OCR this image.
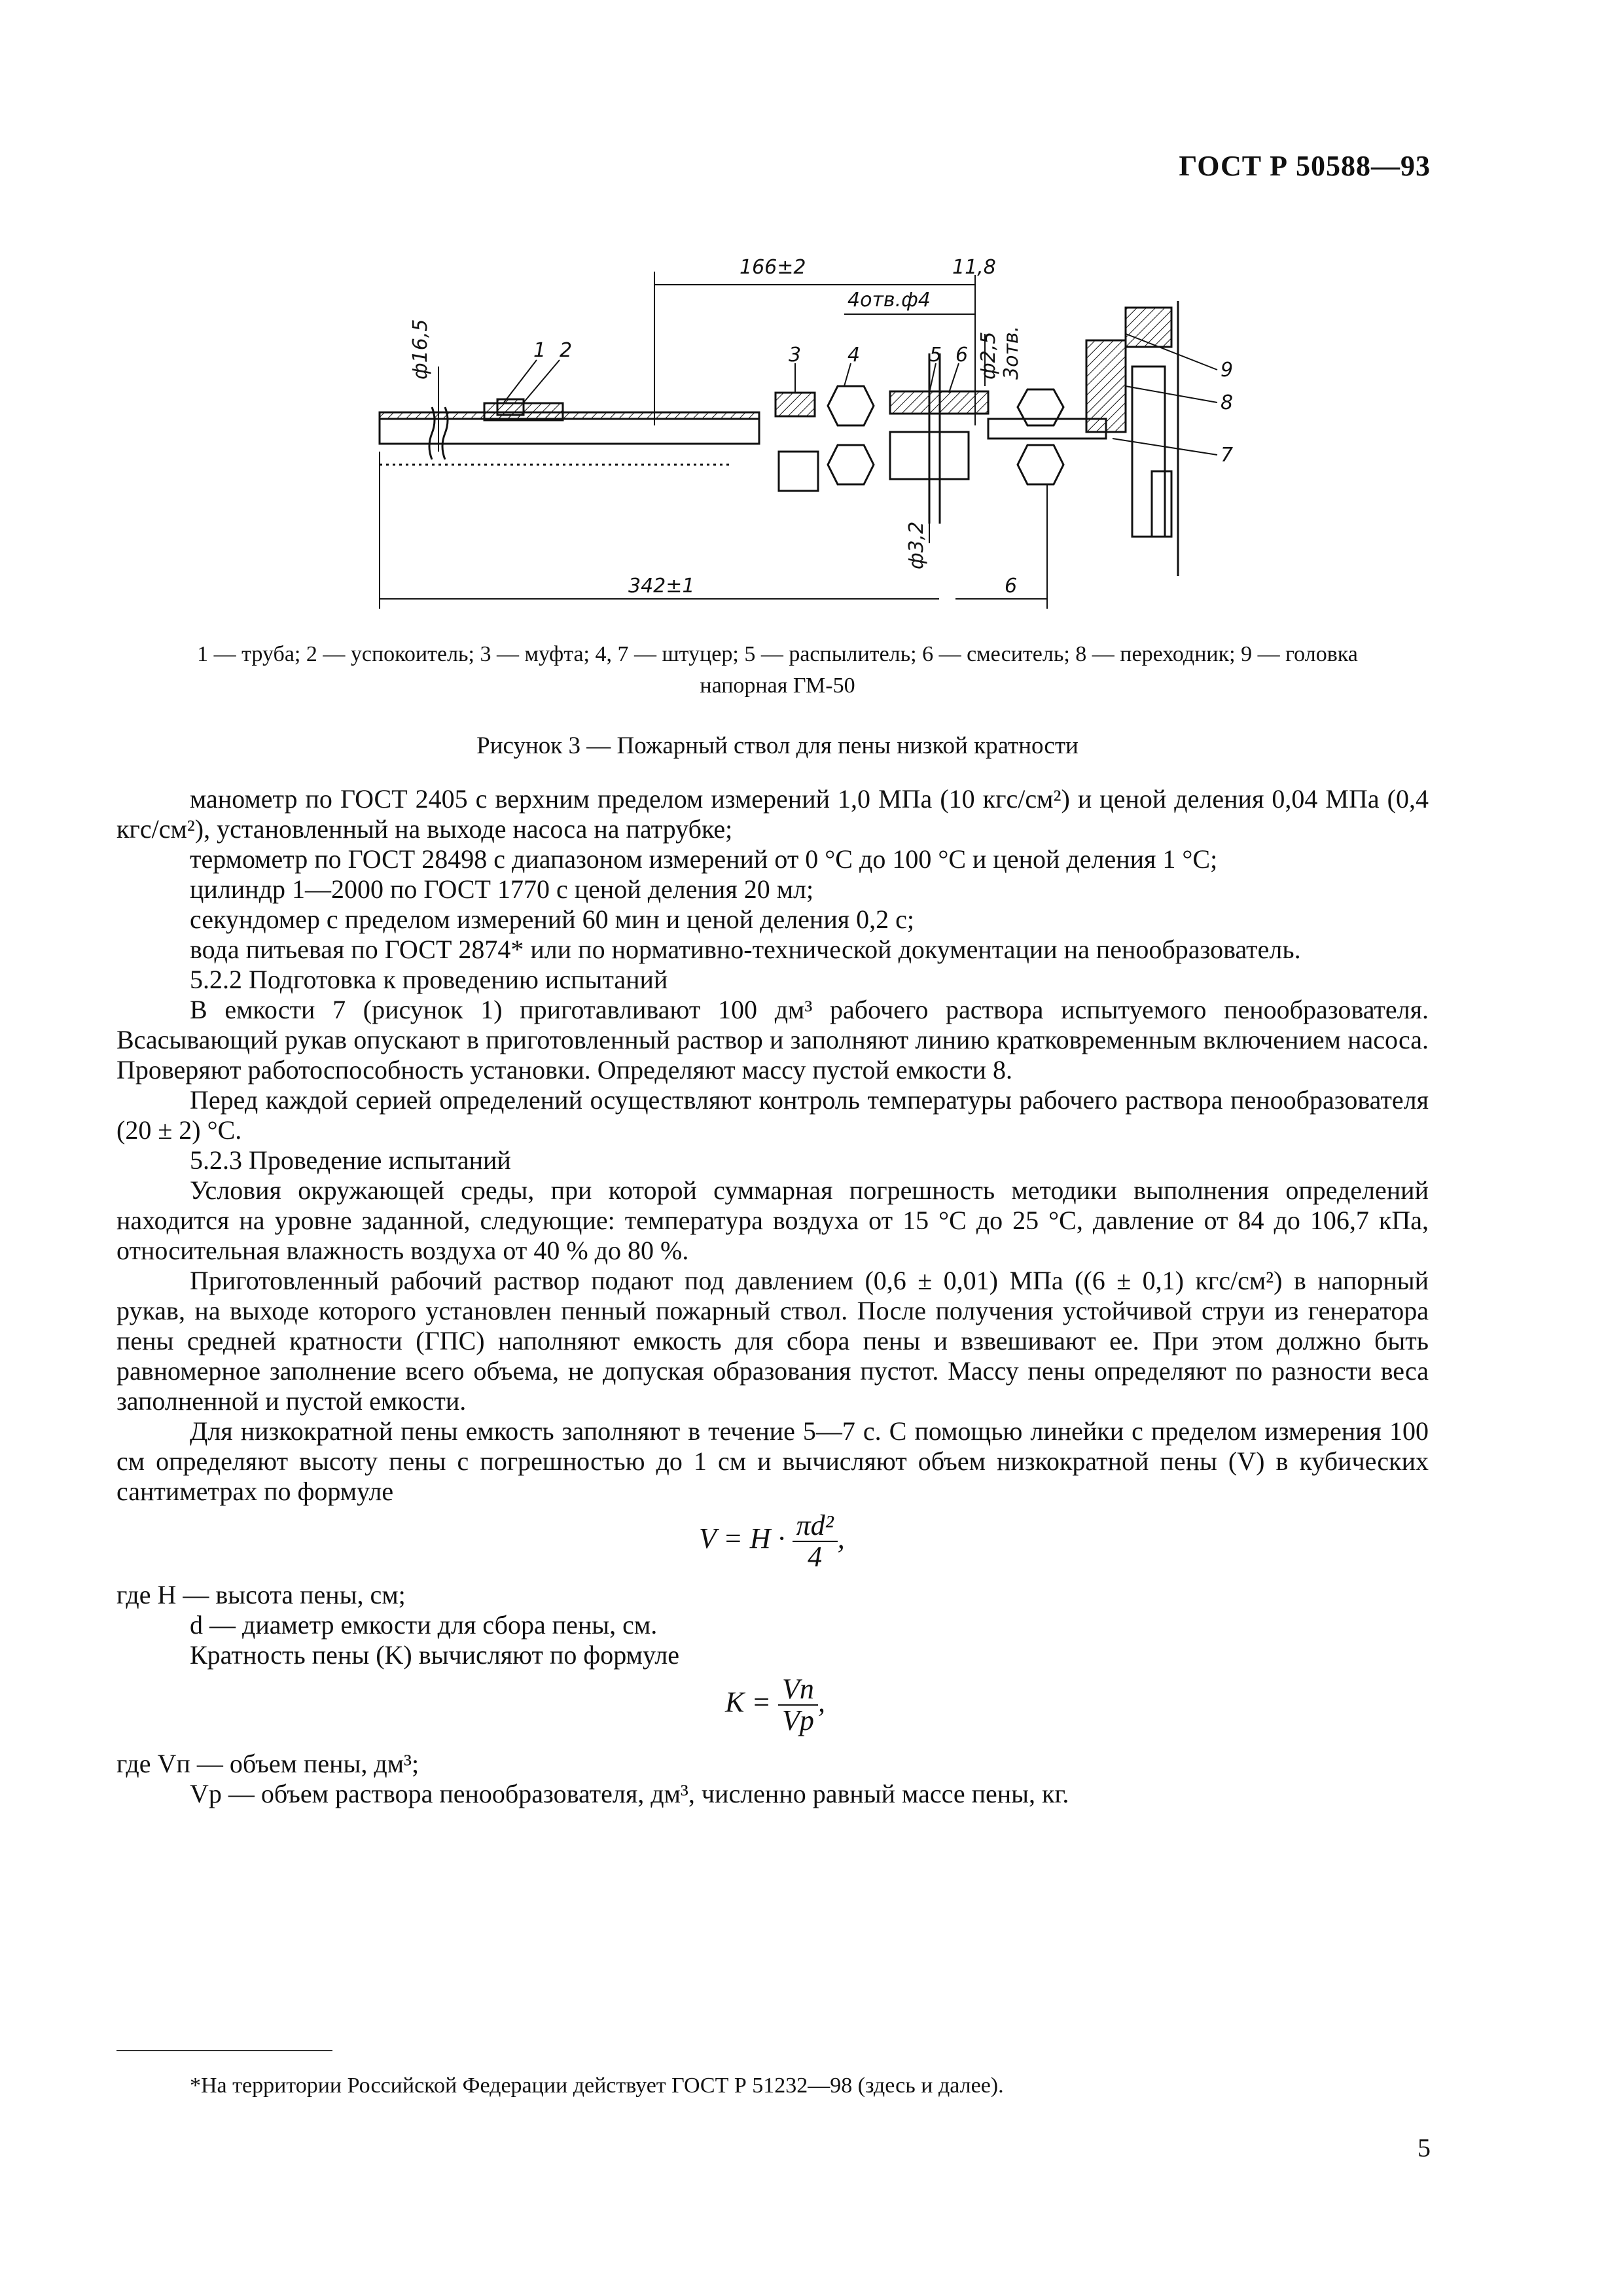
ГОСТ Р 50588—93
166±2	11,8
4отв.ф4
ф16,5	ф2,5 3отв.
ф3,2
342±1	6
1 2	3 4	5 6
7
8
9
1 — труба; 2 — успокоитель; 3 — муфта; 4, 7 — штуцер; 5 — распылитель; 6 — смеситель; 8 — переходник; 9 — головка
напорная ГМ-50
Рисунок 3 — Пожарный ствол для пены низкой кратности

манометр по ГОСТ 2405 с верхним пределом измерений 1,0 МПа (10 кгс/см²) и ценой деления 0,04 МПа (0,4 кгс/см²), установленный на выходе насоса на патрубке;

термометр по ГОСТ 28498 с диапазоном измерений от 0 °С до 100 °С и ценой деления 1 °С;

цилиндр 1—2000 по ГОСТ 1770 с ценой деления 20 мл;

секундомер с пределом измерений 60 мин и ценой деления 0,2 с;

вода питьевая по ГОСТ 2874* или по нормативно-технической документации на пенообразователь.

5.2.2 Подготовка к проведению испытаний

В емкости 7 (рисунок 1) приготавливают 100 дм³ рабочего раствора испытуемого пенообразователя. Всасывающий рукав опускают в приготовленный раствор и заполняют линию кратковременным включением насоса. Проверяют работоспособность установки. Определяют массу пустой емкости 8.

Перед каждой серией определений осуществляют контроль температуры рабочего раствора пенообразователя (20 ± 2) °С.

5.2.3 Проведение испытаний

Условия окружающей среды, при которой суммарная погрешность методики выполнения определений находится на уровне заданной, следующие: температура воздуха от 15 °С до 25 °С, давление от 84 до 106,7 кПа, относительная влажность воздуха от 40 % до 80 %.

Приготовленный рабочий раствор подают под давлением (0,6 ± 0,01) МПа ((6 ± 0,1) кгс/см²) в напорный рукав, на выходе которого установлен пенный пожарный ствол. После получения устойчивой струи из генератора пены средней кратности (ГПС) наполняют емкость для сбора пены и взвешивают ее. При этом должно быть равномерное заполнение всего объема, не допуская образования пустот. Массу пены определяют по разности веса заполненной и пустой емкости.

Для низкократной пены емкость заполняют в течение 5—7 с. С помощью линейки с пределом измерения 100 см определяют высоту пены с погрешностью до 1 см и вычисляют объем низкократной пены (V) в кубических сантиметрах по формуле

$V = H \cdot \frac{\text{πd²}}{4}$ ,

где H — высота пены, см;

d — диаметр емкости для сбора пены, см.

Кратность пены (K) вычисляют по формуле

$K = \frac{Vп}{Vр}$ ,

где Vп — объем пены, дм³;

Vр — объем раствора пенообразователя, дм³, численно равный массе пены, кг.

*На территории Российской Федерации действует ГОСТ Р 51232—98 (здесь и далее).
5
